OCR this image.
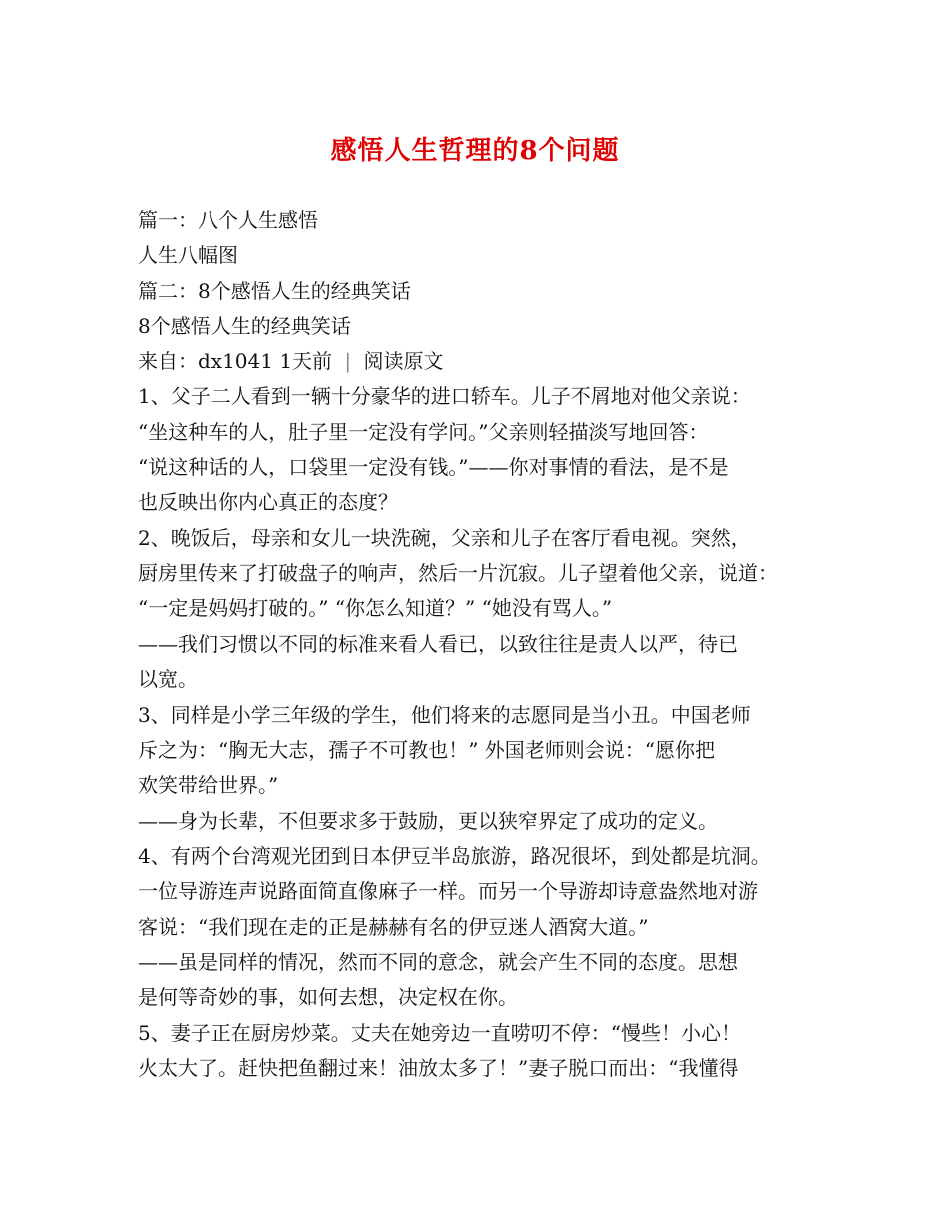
感悟人生哲理的8个问题
篇一：八个人生感悟
人生八幅图
篇二：8个感悟人生的经典笑话
8个感悟人生的经典笑话
来自：dx1041 1天前 | 阅读原文
1、父子二人看到一辆十分豪华的进口轿车。儿子不屑地对他父亲说：
“坐这种车的人，肚子里一定没有学问。”父亲则轻描淡写地回答：
“说这种话的人，口袋里一定没有钱。”——你对事情的看法，是不是
也反映出你内心真正的态度？
2、晚饭后，母亲和女儿一块洗碗，父亲和儿子在客厅看电视。突然，
厨房里传来了打破盘子的响声，然后一片沉寂。儿子望着他父亲，说道：
“一定是妈妈打破的。” “你怎么知道？” “她没有骂人。”
——我们习惯以不同的标准来看人看已，以致往往是责人以严，待已
以宽。
3、同样是小学三年级的学生，他们将来的志愿同是当小丑。中国老师
斥之为：“胸无大志，孺子不可教也！” 外国老师则会说：“愿你把
欢笑带给世界。”
——身为长辈，不但要求多于鼓励，更以狭窄界定了成功的定义。
4、有两个台湾观光团到日本伊豆半岛旅游，路况很坏，到处都是坑洞。
一位导游连声说路面简直像麻子一样。而另一个导游却诗意盎然地对游
客说：“我们现在走的正是赫赫有名的伊豆迷人酒窝大道。”
——虽是同样的情况，然而不同的意念，就会产生不同的态度。思想
是何等奇妙的事，如何去想，决定权在你。
5、妻子正在厨房炒菜。丈夫在她旁边一直唠叨不停：“慢些！小心！
火太大了。赶快把鱼翻过来！油放太多了！”妻子脱口而出：“我懂得
